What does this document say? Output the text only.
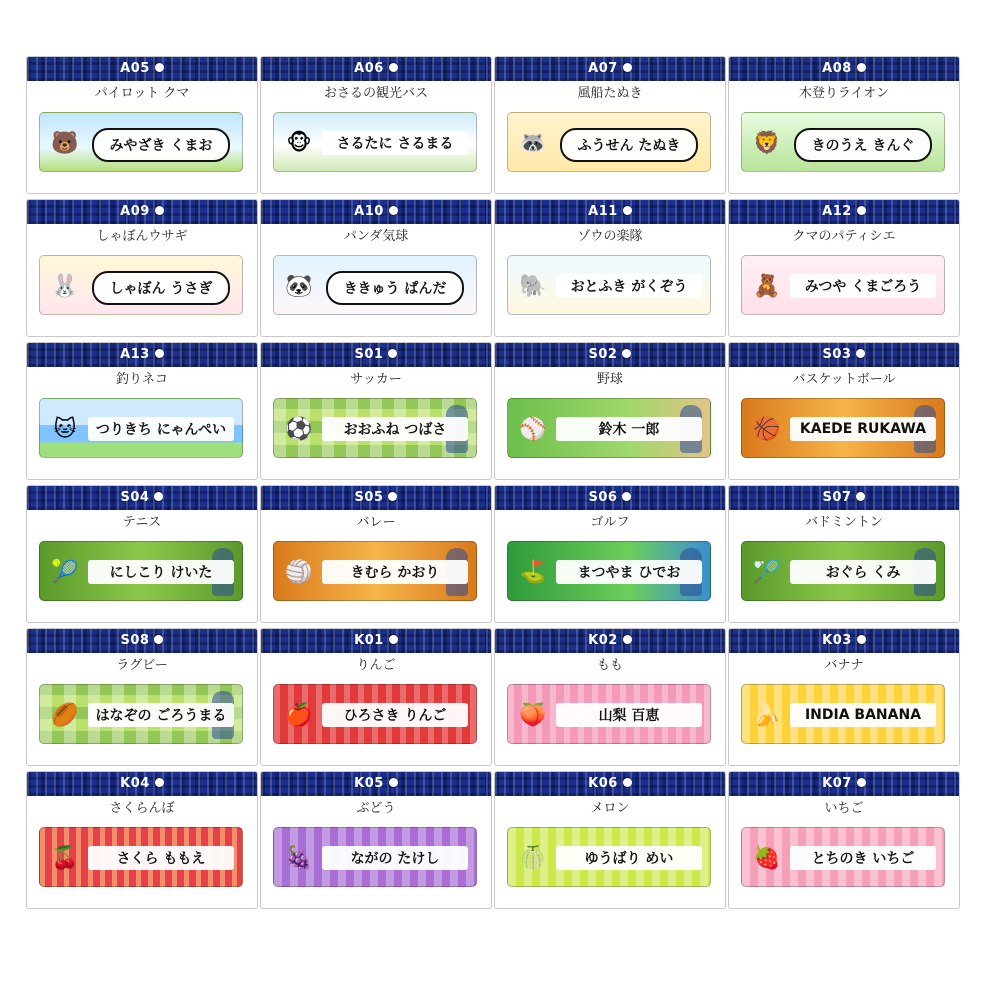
A05
パイロット クマ
🐻	みやざき くまお
A06
おさるの観光バス
🐵	さるたに さるまる
A07
風船たぬき
🦝	ふうせん たぬき
A08
木登りライオン
🦁	きのうえ きんぐ
A09
しゃぼんウサギ
🐰	しゃぼん うさぎ
A10
パンダ気球
🐼	ききゅう ぱんだ
A11
ゾウの楽隊
🐘	おとふき がくぞう
A12
クマのパティシエ
🧸	みつや くまごろう
A13
釣りネコ
🐱	つりきち にゃんぺい
S01
サッカー
⚽	おおふね つばさ
S02
野球
⚾	鈴木 一郎
S03
バスケットボール
🏀	KAEDE RUKAWA
S04
テニス
🎾	にしこり けいた
S05
バレー
🏐	きむら かおり
S06
ゴルフ
⛳	まつやま ひでお
S07
バドミントン
🏸	おぐら くみ
S08
ラグビー
🏉	はなぞの ごろうまる
K01
りんご
🍎	ひろさき りんご
K02
もも
🍑	山梨 百恵
K03
バナナ
🍌	INDIA BANANA
K04
さくらんぼ
🍒	さくら ももえ
K05
ぶどう
🍇	ながの たけし
K06
メロン
🍈	ゆうばり めい
K07
いちご
🍓	とちのき いちご
